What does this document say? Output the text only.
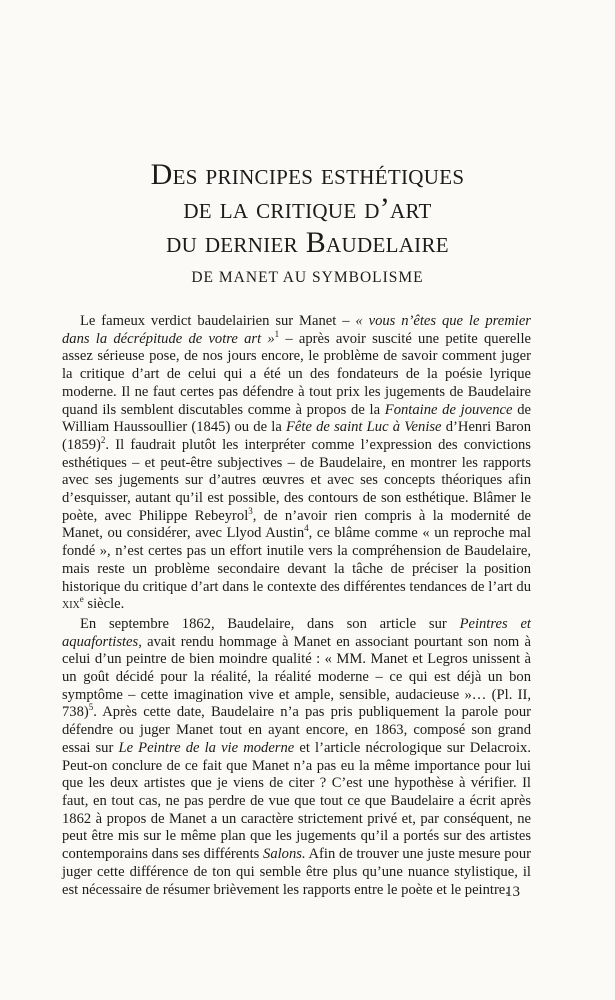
Des principes esthétiques
de la critique d’art
du dernier Baudelaire
DE MANET AU SYMBOLISME

Le fameux verdict baudelairien sur Manet – « vous n’êtes que le premier dans la décrépitude de votre art »$^1$ – après avoir suscité une petite querelle assez sérieuse pose, de nos jours encore, le problème de savoir comment juger la critique d’art de celui qui a été un des fondateurs de la poésie lyrique moderne. Il ne faut certes pas défendre à tout prix les jugements de Baudelaire quand ils semblent discutables comme à propos de la Fontaine de jouvence de William Haussoullier (1845) ou de la Fête de saint Luc à Venise d’Henri Baron $(1859)^2$. Il faudrait plutôt les interpréter comme l’expression des convictions esthétiques – et peut-être subjectives – de Baudelaire, en montrer les rapports avec ses jugements sur d’autres œuvres et avec ses concepts théoriques afin d’esquisser, autant qu’il est possible, des contours de son esthétique. Blâmer le poète, avec Philippe Rebeyrol$^3$, de n’avoir rien compris à la modernité de Manet, ou considérer, avec Llyod Austin$^4$, ce blâme comme « un reproche mal fondé », n’est certes pas un effort inutile vers la compréhension de Baudelaire, mais reste un problème secondaire devant la tâche de préciser la position historique du critique d’art dans le contexte des différentes tendances de l’art du xix$^e$ siècle.

En septembre 1862, Baudelaire, dans son article sur Peintres et aquafortistes, avait rendu hommage à Manet en associant pourtant son nom à celui d’un peintre de bien moindre qualité : « MM. Manet et Legros unissent à un goût décidé pour la réalité, la réalité moderne – ce qui est déjà un bon symptôme – cette imagination vive et ample, sensible, audacieuse »… (Pl. II, 738)$^5$. Après cette date, Baudelaire n’a pas pris publiquement la parole pour défendre ou juger Manet tout en ayant encore, en 1863, composé son grand essai sur Le Peintre de la vie moderne et l’article nécrologique sur Delacroix. Peut-on conclure de ce fait que Manet n’a pas eu la même importance pour lui que les deux artistes que je viens de citer ? C’est une hypothèse à vérifier. Il faut, en tout cas, ne pas perdre de vue que tout ce que Baudelaire a écrit après 1862 à propos de Manet a un caractère strictement privé et, par conséquent, ne peut être mis sur le même plan que les jugements qu’il a portés sur des artistes contemporains dans ses différents Salons. Afin de trouver une juste mesure pour juger cette différence de ton qui semble être plus qu’une nuance stylistique, il est nécessaire de résumer brièvement les rapports entre le poète et le peintre.

13
